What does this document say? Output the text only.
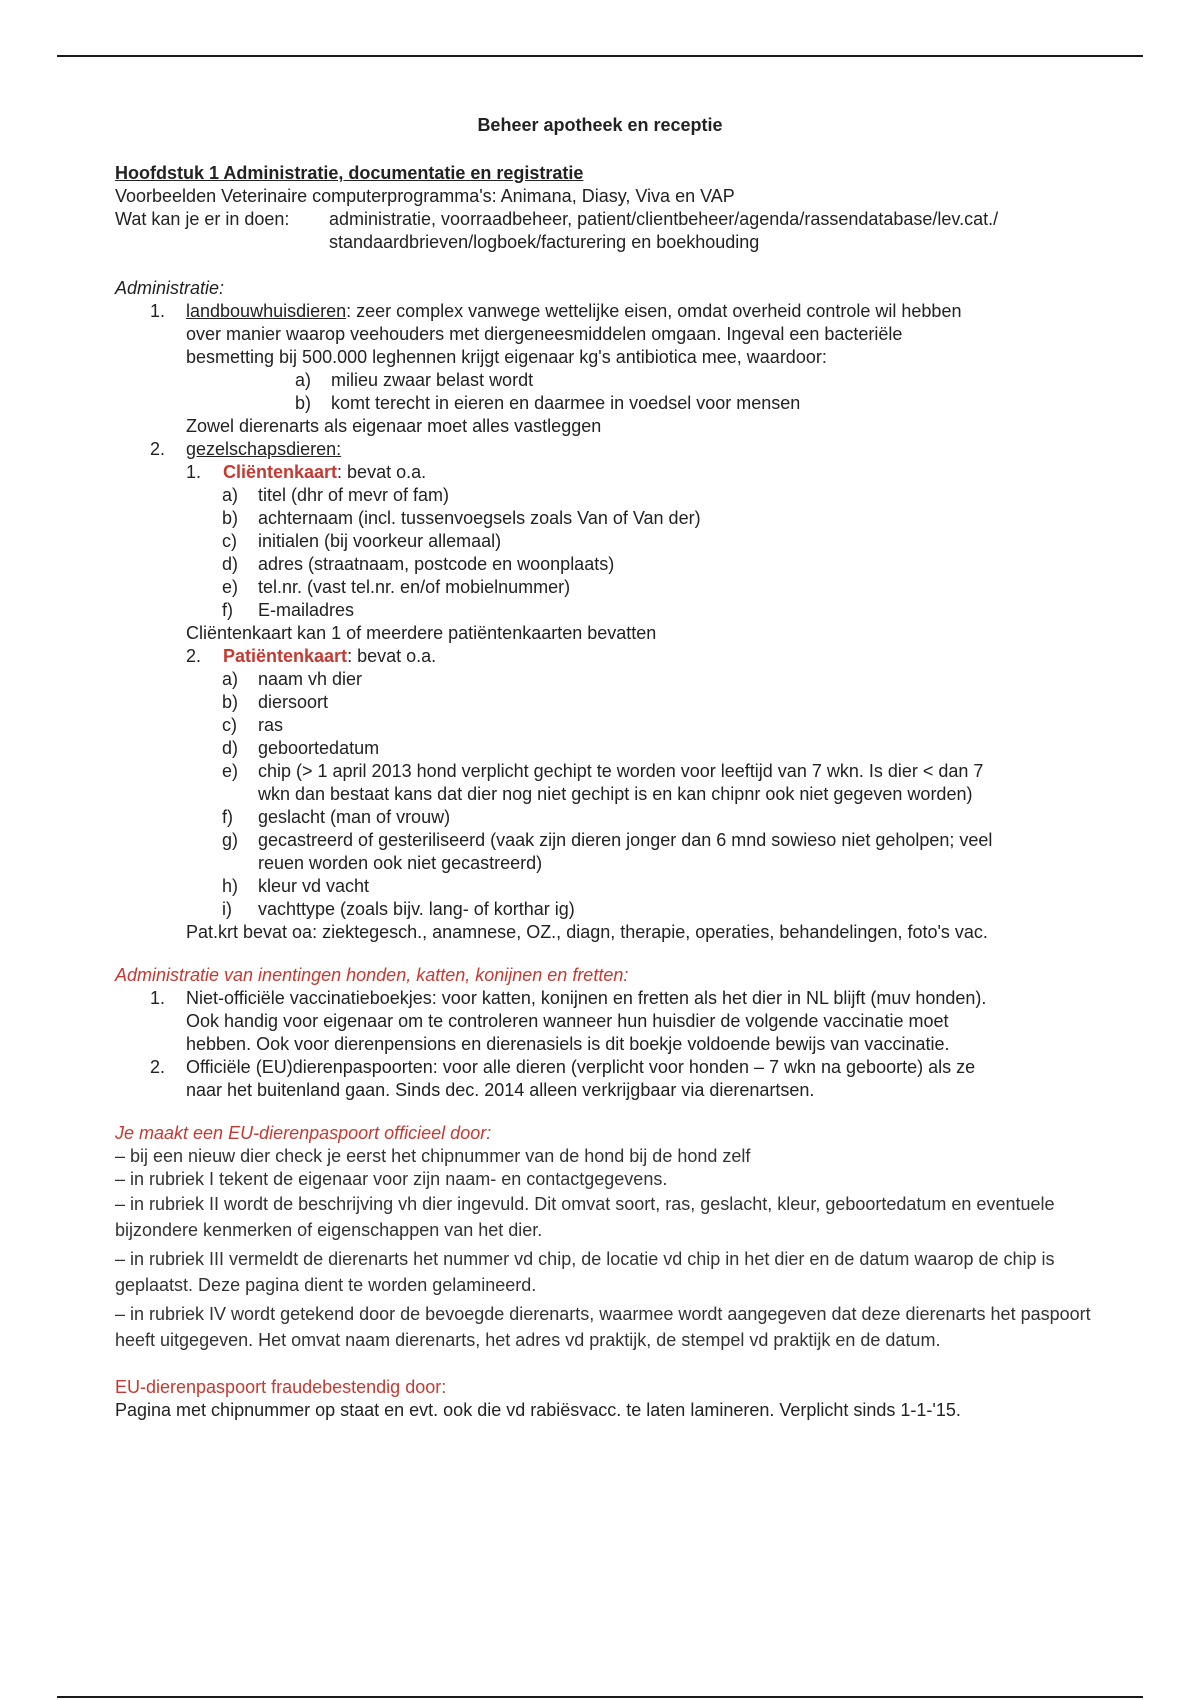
Beheer apotheek en receptie
Hoofdstuk 1 Administratie, documentatie en registratie
Voorbeelden Veterinaire computerprogramma's: Animana, Diasy, Viva en VAP
Wat kan je er in doen:	administratie, voorraadbeheer, patient/clientbeheer/agenda/rassendatabase/lev.cat./
standaardbrieven/logboek/facturering en boekhouding
Administratie:
1.	landbouwhuisdieren: zeer complex vanwege wettelijke eisen, omdat overheid controle wil hebben
over manier waarop veehouders met diergeneesmiddelen omgaan. Ingeval een bacteriële
besmetting bij 500.000 leghennen krijgt eigenaar kg's antibiotica mee, waardoor:
a)	milieu zwaar belast wordt
b)	komt terecht in eieren en daarmee in voedsel voor mensen
Zowel dierenarts als eigenaar moet alles vastleggen
2.	gezelschapsdieren:
1.	Cliëntenkaart: bevat o.a.
a)	titel (dhr of mevr of fam)
b)	achternaam (incl. tussenvoegsels zoals Van of Van der)
c)	initialen (bij voorkeur allemaal)
d)	adres (straatnaam, postcode en woonplaats)
e)	tel.nr. (vast tel.nr. en/of mobielnummer)
f)	E-mailadres
Cliëntenkaart kan 1 of meerdere patiëntenkaarten bevatten
2.	Patiëntenkaart: bevat o.a.
a)	naam vh dier
b)	diersoort
c)	ras
d)	geboortedatum
e)	chip (> 1 april 2013 hond verplicht gechipt te worden voor leeftijd van 7 wkn. Is dier < dan 7
wkn dan bestaat kans dat dier nog niet gechipt is en kan chipnr ook niet gegeven worden)
f)	geslacht (man of vrouw)
g)	gecastreerd of gesteriliseerd (vaak zijn dieren jonger dan 6 mnd sowieso niet geholpen; veel
reuen worden ook niet gecastreerd)
h)	kleur vd vacht
i)	vachttype (zoals bijv. lang- of korthar ig)
Pat.krt bevat oa: ziektegesch., anamnese, OZ., diagn, therapie, operaties, behandelingen, foto's vac.
Administratie van inentingen honden, katten, konijnen en fretten:
1.	Niet-officiële vaccinatieboekjes: voor katten, konijnen en fretten als het dier in NL blijft (muv honden).
Ook handig voor eigenaar om te controleren wanneer hun huisdier de volgende vaccinatie moet
hebben. Ook voor dierenpensions en dierenasiels is dit boekje voldoende bewijs van vaccinatie.
2.	Officiële (EU)dierenpaspoorten: voor alle dieren (verplicht voor honden – 7 wkn na geboorte) als ze
naar het buitenland gaan. Sinds dec. 2014 alleen verkrijgbaar via dierenartsen.
Je maakt een EU-dierenpaspoort officieel door:
– bij een nieuw dier check je eerst het chipnummer van de hond bij de hond zelf
– in rubriek I tekent de eigenaar voor zijn naam- en contactgegevens.
– in rubriek II wordt de beschrijving vh dier ingevuld. Dit omvat soort, ras, geslacht, kleur, geboortedatum en eventuele bijzondere kenmerken of eigenschappen van het dier.
– in rubriek III vermeldt de dierenarts het nummer vd chip, de locatie vd chip in het dier en de datum waarop de chip is geplaatst. Deze pagina dient te worden gelamineerd.
– in rubriek IV wordt getekend door de bevoegde dierenarts, waarmee wordt aangegeven dat deze dierenarts het paspoort heeft uitgegeven. Het omvat naam dierenarts, het adres vd praktijk, de stempel vd praktijk en de datum.
EU-dierenpaspoort fraudebestendig door:
Pagina met chipnummer op staat en evt. ook die vd rabiësvacc. te laten lamineren. Verplicht sinds 1-1-'15.
